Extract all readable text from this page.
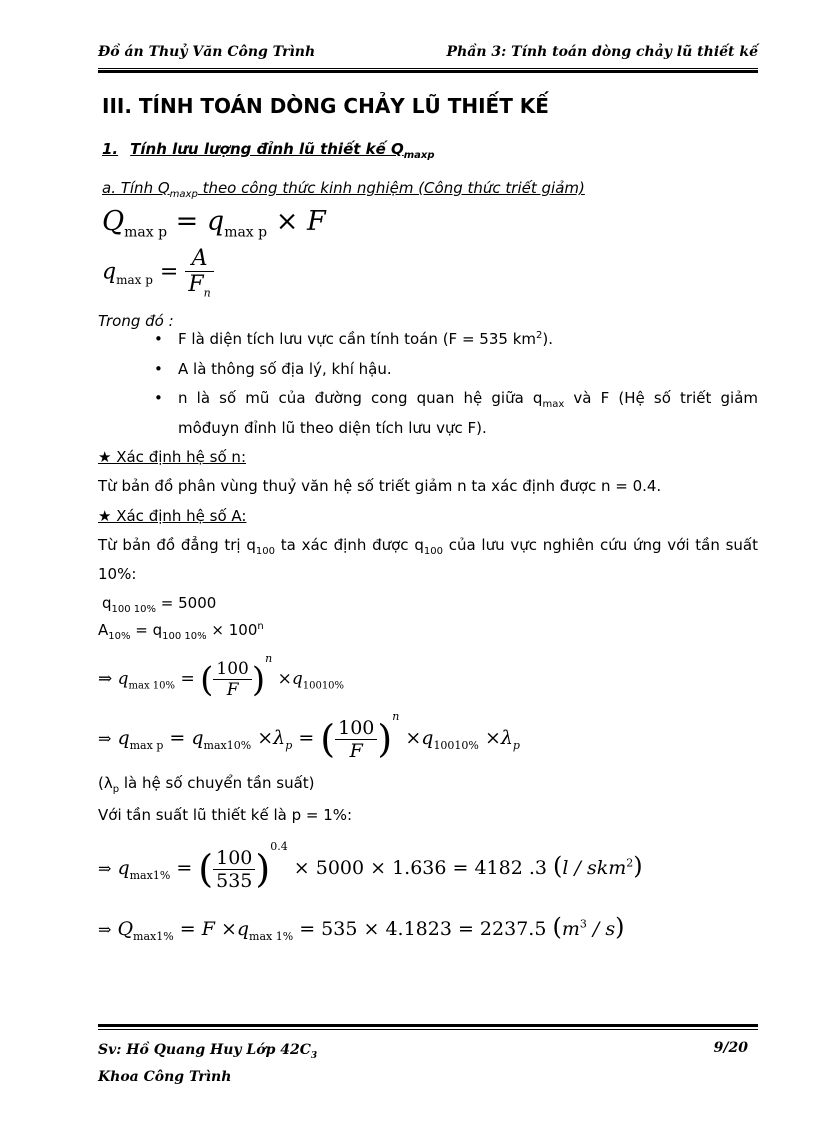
Đồ án Thuỷ Văn Công Trình	Phần 3: Tính toán dòng chảy lũ thiết kế
III. TÍNH TOÁN DÒNG CHẢY LŨ THIẾT KẾ
1. Tính lưu lượng đỉnh lũ thiết kế $Q_{maxp}$
a. Tính $Q_{maxp}$ theo công thức kinh nghiệm (Công thức triết giảm)
$Q_{max p} = q_{max p} \times F$
$q_{max p} = \frac{A}{F_n}$
Trong đó :
• F là diện tích lưu vực cần tính toán (F = 535 $km^2$).
• A là thông số địa lý, khí hậu.
• n là số mũ của đường cong quan hệ giữa $q_{max}$ và F (Hệ số triết giảm
môđuyn đỉnh lũ theo diện tích lưu vực F).
★ Xác định hệ số n:
Từ bản đồ phân vùng thuỷ văn hệ số triết giảm n ta xác định được n = 0.4.
★ Xác định hệ số A:
Từ bản đồ đẳng trị $q_{100}$ ta xác định được $q_{100}$ của lưu vực nghiên cứu ứng với tần suất
10%:
$q_{100 10\%} = 5000$
$A_{10\%} = q_{100 10\%} \times 100^n$
⇒ $q_{max 10\%}$ = ( $\frac{100}{F} )^n \times q_{10010\%}$
⇒ $q_{max p} = q_{max10\%} \times\lambda_p$ = ( $\frac{100}{F} )^n \times q_{10010\%} \times\lambda_p$
($\lambda_p$ là hệ số chuyển tần suất)
Với tần suất lũ thiết kế là p = 1%:
⇒ $q_{max1\%}$ = ( $\frac{100}{535} )^{0.4} \times 5000 \times 1.636 = 4182$ .3 (l / skm$^2$)
⇒ $Q_{max1\%} = F \times q_{max 1\%} = 535 \times 4.1823 = 2237.5$ $(m^3 / s)$
Sv: Hồ Quang Huy Lớp $42C_3$
Khoa Công Trình
9/20
